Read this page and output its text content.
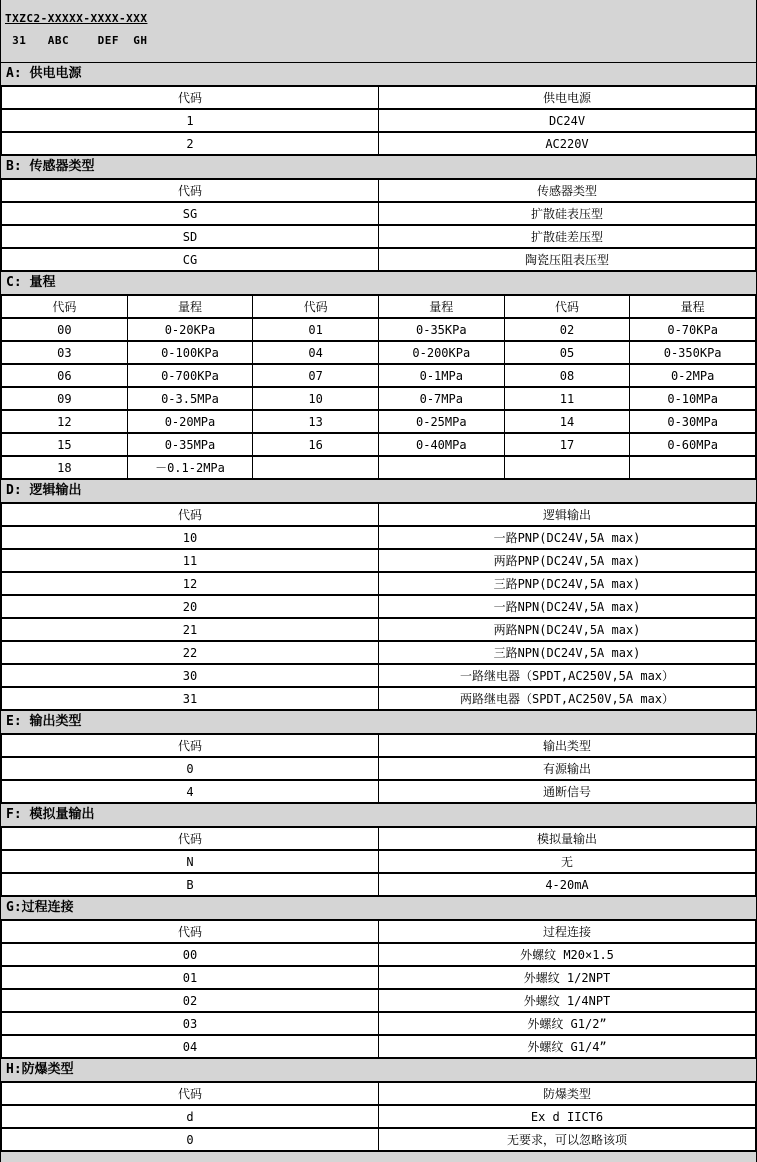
TXZC2-XXXXX-XXXX-XXX
31   ABC    DEF  GH
A: 供电电源
代码	供电电源
1	DC24V
2	AC220V
B: 传感器类型
代码	传感器类型
SG	扩散硅表压型
SD	扩散硅差压型
CG	陶瓷压阻表压型
C: 量程
代码	量程	代码	量程	代码	量程
00	0-20KPa	01	0-35KPa	02	0-70KPa
03	0-100KPa	04	0-200KPa	05	0-350KPa
06	0-700KPa	07	0-1MPa	08	0-2MPa
09	0-3.5MPa	10	0-7MPa	11	0-10MPa
12	0-20MPa	13	0-25MPa	14	0-30MPa
15	0-35MPa	16	0-40MPa	17	0-60MPa
18	－0.1-2MPa				
D: 逻辑输出
代码	逻辑输出
10	一路PNP(DC24V,5A max)
11	两路PNP(DC24V,5A max)
12	三路PNP(DC24V,5A max)
20	一路NPN(DC24V,5A max)
21	两路NPN(DC24V,5A max)
22	三路NPN(DC24V,5A max)
30	一路继电器（SPDT,AC250V,5A max）
31	两路继电器（SPDT,AC250V,5A max）
E: 输出类型
代码	输出类型
0	有源输出
4	通断信号
F: 模拟量输出
代码	模拟量输出
N	无
B	4-20mA
G:过程连接
代码	过程连接
00	外螺纹 M20×1.5
01	外螺纹 1/2NPT
02	外螺纹 1/4NPT
03	外螺纹 G1/2”
04	外螺纹 G1/4”
H:防爆类型
代码	防爆类型
d	Ex d IICT6
0	无要求，可以忽略该项
